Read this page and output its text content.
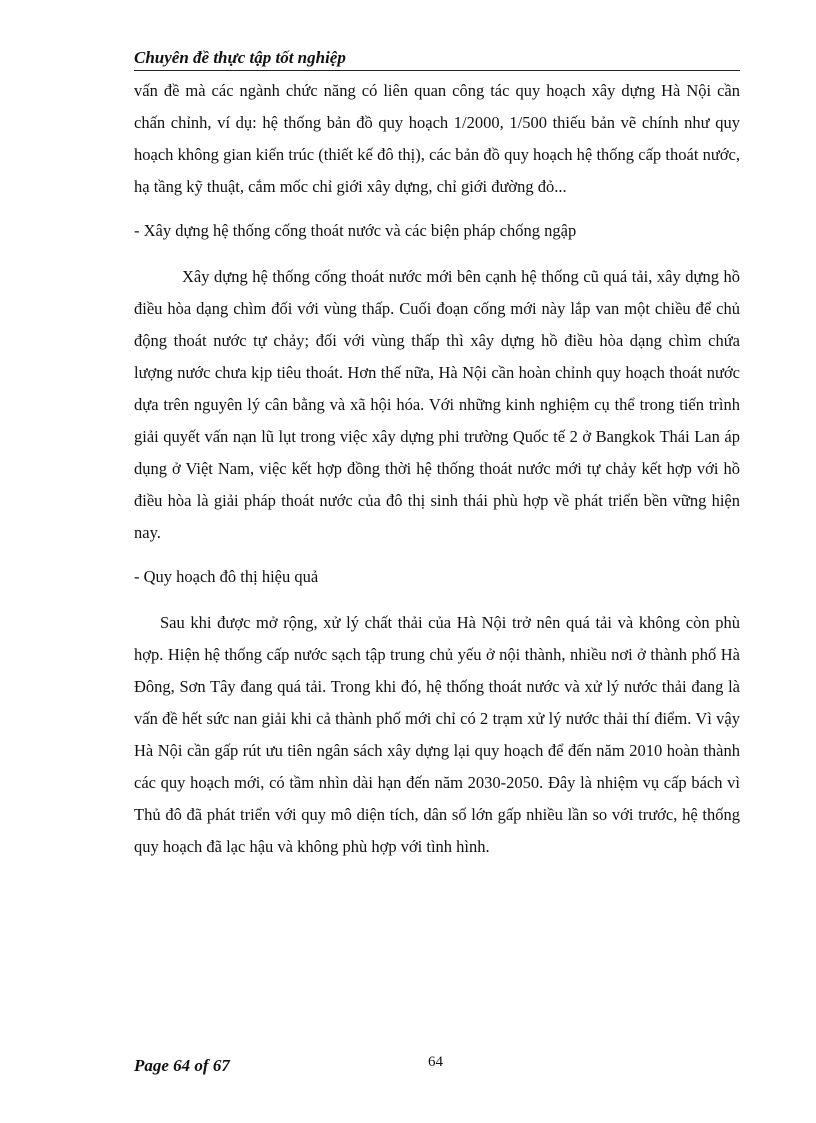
Chuyên đề thực tập tốt nghiệp

vấn đề mà các ngành chức năng có liên quan công tác quy hoạch xây dựng Hà Nội cần chấn chỉnh, ví dụ: hệ thống bản đồ quy hoạch 1/2000, 1/500 thiếu bản vẽ chính như quy hoạch không gian kiến trúc (thiết kế đô thị), các bản đồ quy hoạch hệ thống cấp thoát nước, hạ tầng kỹ thuật, cắm mốc chỉ giới xây dựng, chỉ giới đường đỏ...

- Xây dựng hệ thống cống thoát nước và các biện pháp chống ngập

Xây dựng hệ thống cống thoát nước mới bên cạnh hệ thống cũ quá tải, xây dựng hồ điều hòa dạng chìm đối với vùng thấp. Cuối đoạn cống mới này lắp van một chiều để chủ động thoát nước tự chảy; đối với vùng thấp thì xây dựng hồ điều hòa dạng chìm chứa lượng nước chưa kịp tiêu thoát. Hơn thế nữa, Hà Nội cần hoàn chỉnh quy hoạch thoát nước dựa trên nguyên lý cân bằng và xã hội hóa. Với những kinh nghiệm cụ thể trong tiến trình giải quyết vấn nạn lũ lụt trong việc xây dựng phi trường Quốc tế 2 ở Bangkok Thái Lan áp dụng ở Việt Nam, việc kết hợp đồng thời hệ thống thoát nước mới tự chảy kết hợp với hồ điều hòa là giải pháp thoát nước của đô thị sinh thái phù hợp về phát triển bền vững hiện nay.

- Quy hoạch đô thị hiệu quả

Sau khi được mở rộng, xử lý chất thải của Hà Nội trở nên quá tải và không còn phù hợp. Hiện hệ thống cấp nước sạch tập trung chủ yếu ở nội thành, nhiều nơi ở thành phố Hà Đông, Sơn Tây đang quá tải. Trong khi đó, hệ thống thoát nước và xử lý nước thải đang là vấn đề hết sức nan giải khi cả thành phố mới chỉ có 2 trạm xử lý nước thải thí điểm. Vì vậy Hà Nội cần gấp rút ưu tiên ngân sách xây dựng lại quy hoạch để đến năm 2010 hoàn thành các quy hoạch mới, có tầm nhìn dài hạn đến năm 2030-2050. Đây là nhiệm vụ cấp bách vì Thủ đô đã phát triển với quy mô diện tích, dân số lớn gấp nhiều lần so với trước, hệ thống quy hoạch đã lạc hậu và không phù hợp với tình hình.

Page 64 of 67	64
